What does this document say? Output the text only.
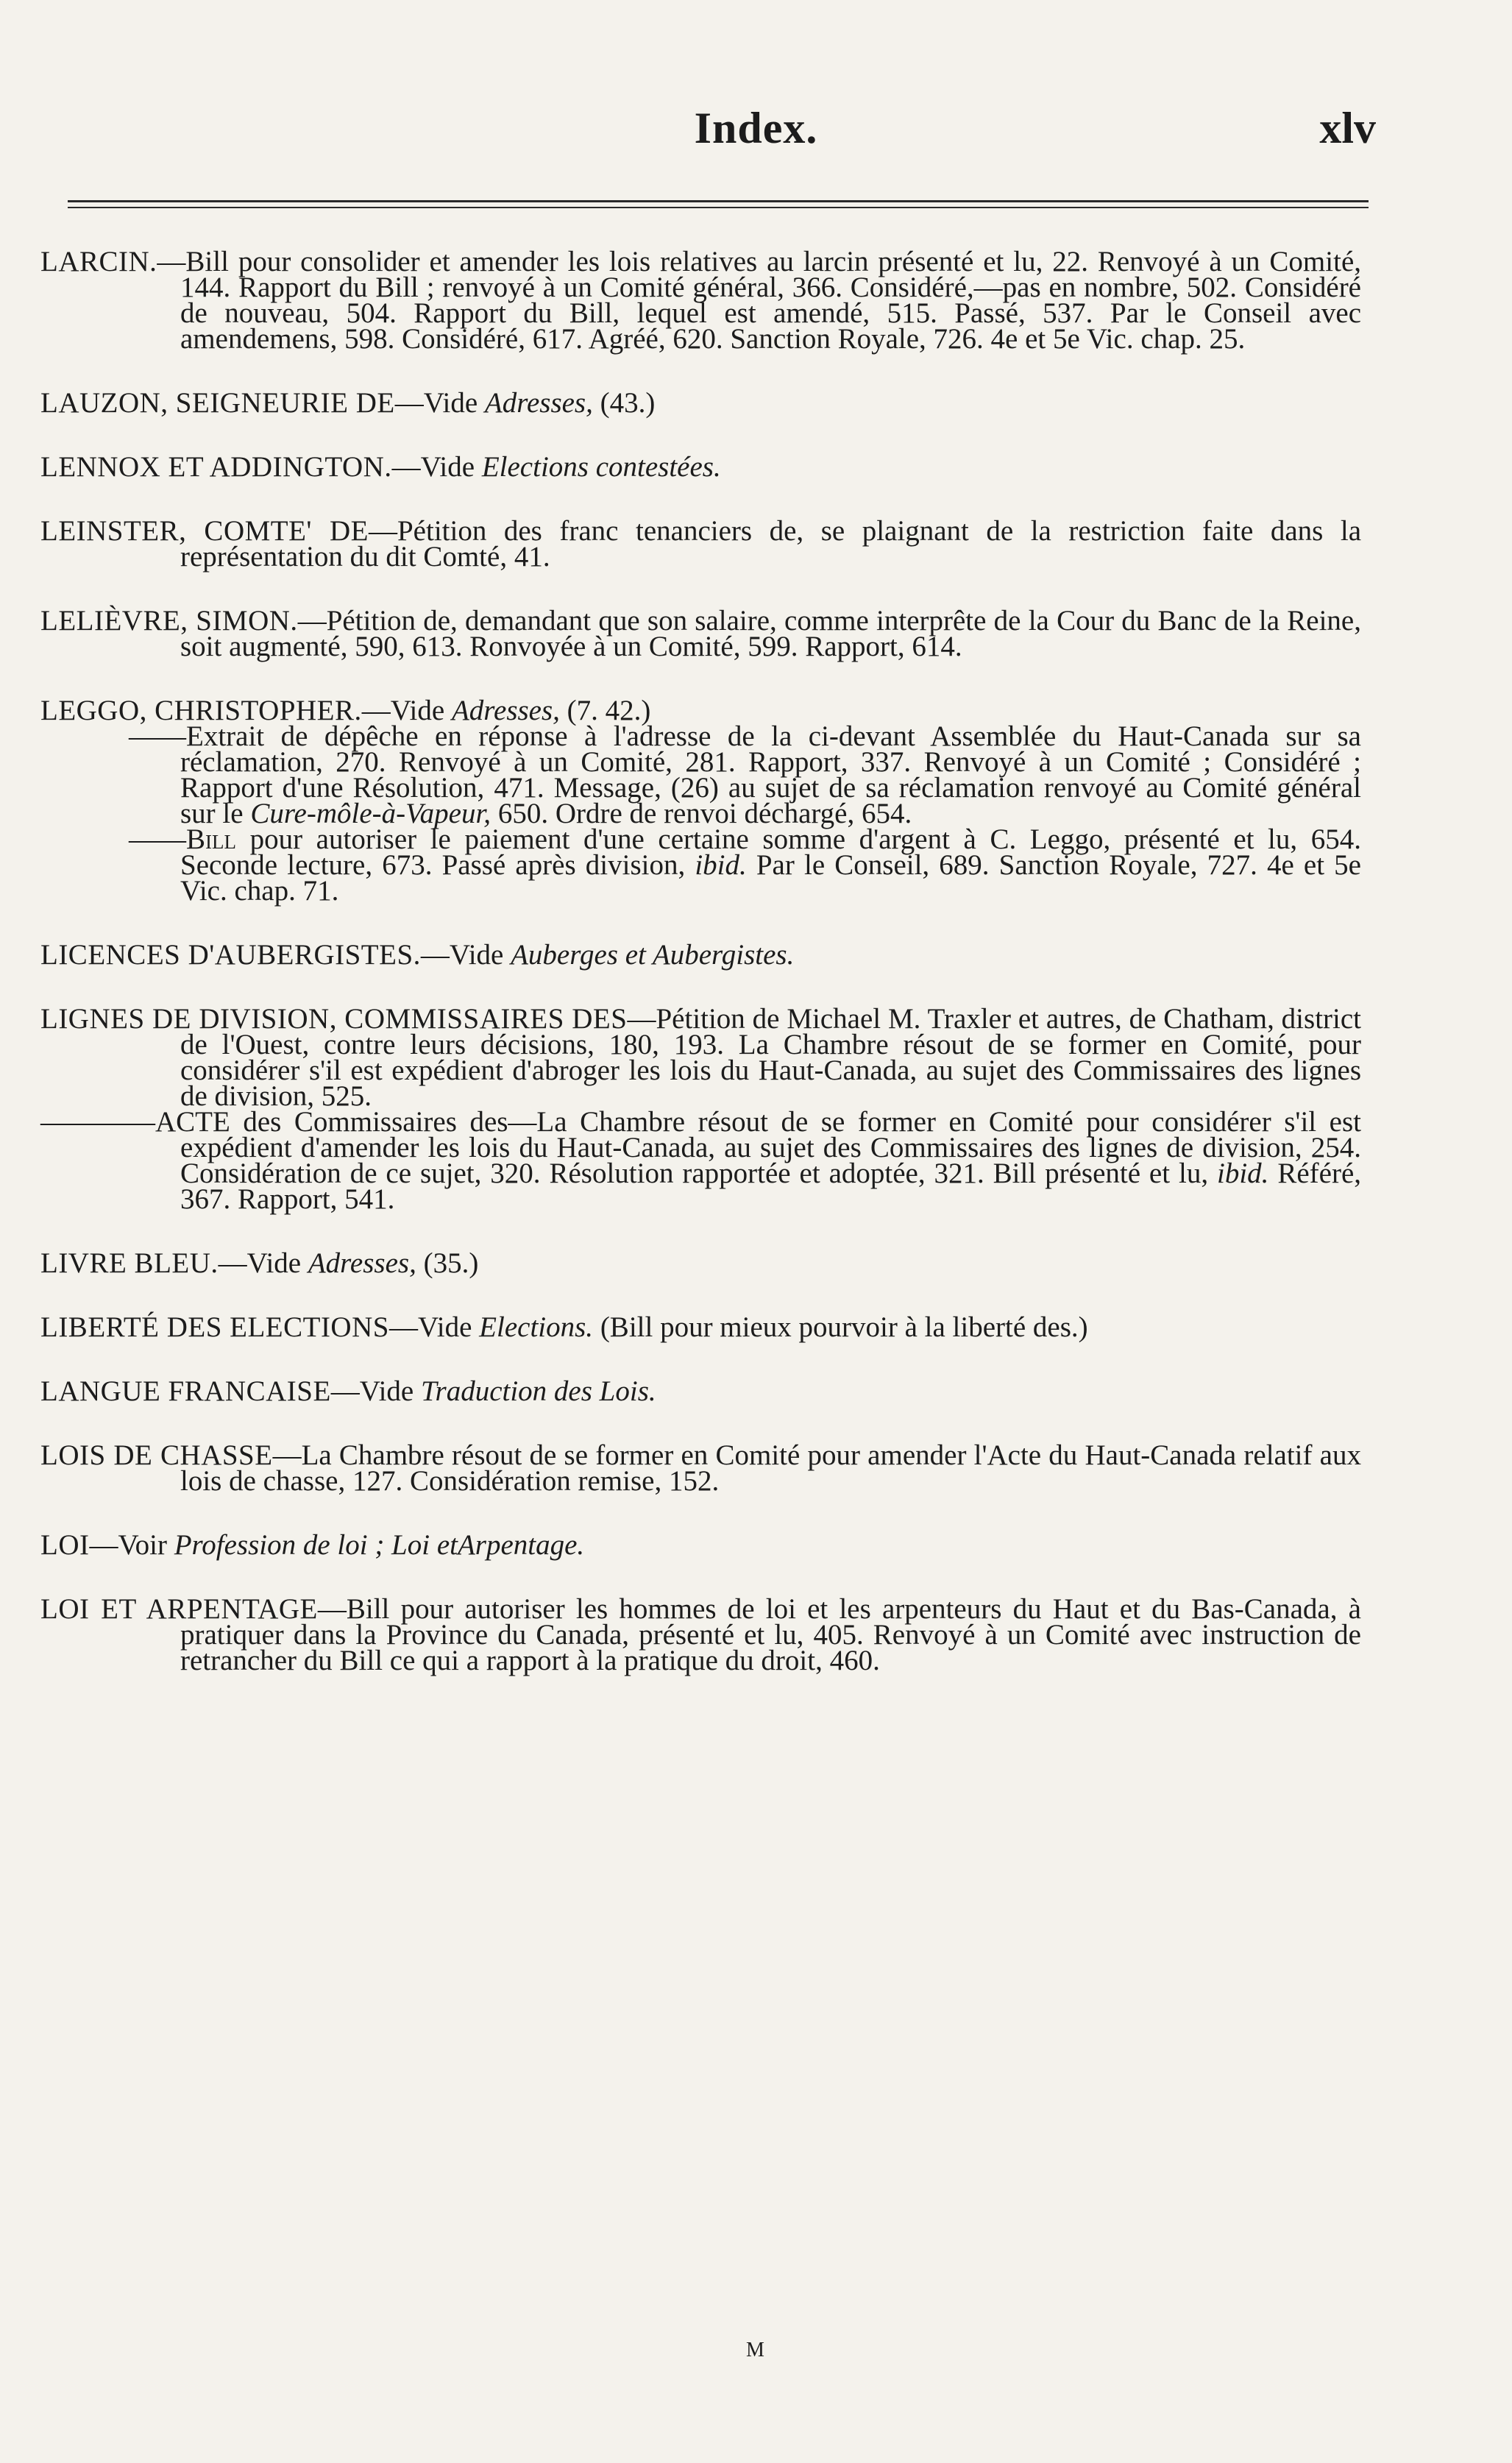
Index.	xlv

LARCIN.—Bill pour consolider et amender les lois relatives au larcin présenté et lu, 22. Renvoyé à un Comité, 144. Rapport du Bill ; renvoyé à un Comité général, 366. Considéré,—pas en nombre, 502. Considéré de nouveau, 504. Rapport du Bill, lequel est amendé, 515. Passé, 537. Par le Conseil avec amendemens, 598. Considéré, 617. Agréé, 620. Sanction Royale, 726. 4e et 5e Vic. chap. 25.

LAUZON, SEIGNEURIE DE—Vide Adresses, (43.)

LENNOX ET ADDINGTON.—Vide Elections contestées.

LEINSTER, COMTE' DE—Pétition des franc tenanciers de, se plaignant de la restriction faite dans la représentation du dit Comté, 41.

LELIÈVRE, SIMON.—Pétition de, demandant que son salaire, comme interprête de la Cour du Banc de la Reine, soit augmenté, 590, 613. Ronvoyée à un Comité, 599. Rapport, 614.

LEGGO, CHRISTOPHER.—Vide Adresses, (7. 42.)

——Extrait de dépêche en réponse à l'adresse de la ci-devant Assemblée du Haut-Canada sur sa réclamation, 270. Renvoyé à un Comité, 281. Rapport, 337. Renvoyé à un Comité ; Considéré ; Rapport d'une Résolution, 471. Message, (26) au sujet de sa réclamation renvoyé au Comité général sur le Cure-môle-à-Vapeur, 650. Ordre de renvoi déchargé, 654.

——Bill pour autoriser le paiement d'une certaine somme d'argent à C. Leggo, présenté et lu, 654. Seconde lecture, 673. Passé après division, ibid. Par le Conseil, 689. Sanction Royale, 727. 4e et 5e Vic. chap. 71.

LICENCES D'AUBERGISTES.—Vide Auberges et Aubergistes.

LIGNES DE DIVISION, COMMISSAIRES DES—Pétition de Michael M. Traxler et autres, de Chatham, district de l'Ouest, contre leurs décisions, 180, 193. La Chambre résout de se former en Comité, pour considérer s'il est expédient d'abroger les lois du Haut-Canada, au sujet des Commissaires des lignes de division, 525.

————ACTE des Commissaires des—La Chambre résout de se former en Comité pour considérer s'il est expédient d'amender les lois du Haut-Canada, au sujet des Commissaires des lignes de division, 254. Considération de ce sujet, 320. Résolution rapportée et adoptée, 321. Bill présenté et lu, ibid. Référé, 367. Rapport, 541.

LIVRE BLEU.—Vide Adresses, (35.)

LIBERTÉ DES ELECTIONS—Vide Elections. (Bill pour mieux pourvoir à la liberté des.)

LANGUE FRANCAISE—Vide Traduction des Lois.

LOIS DE CHASSE—La Chambre résout de se former en Comité pour amender l'Acte du Haut-Canada relatif aux lois de chasse, 127. Considération remise, 152.

LOI—Voir Profession de loi ; Loi etArpentage.

LOI ET ARPENTAGE—Bill pour autoriser les hommes de loi et les arpenteurs du Haut et du Bas-Canada, à pratiquer dans la Province du Canada, présenté et lu, 405. Renvoyé à un Comité avec instruction de retrancher du Bill ce qui a rapport à la pratique du droit, 460.

M
